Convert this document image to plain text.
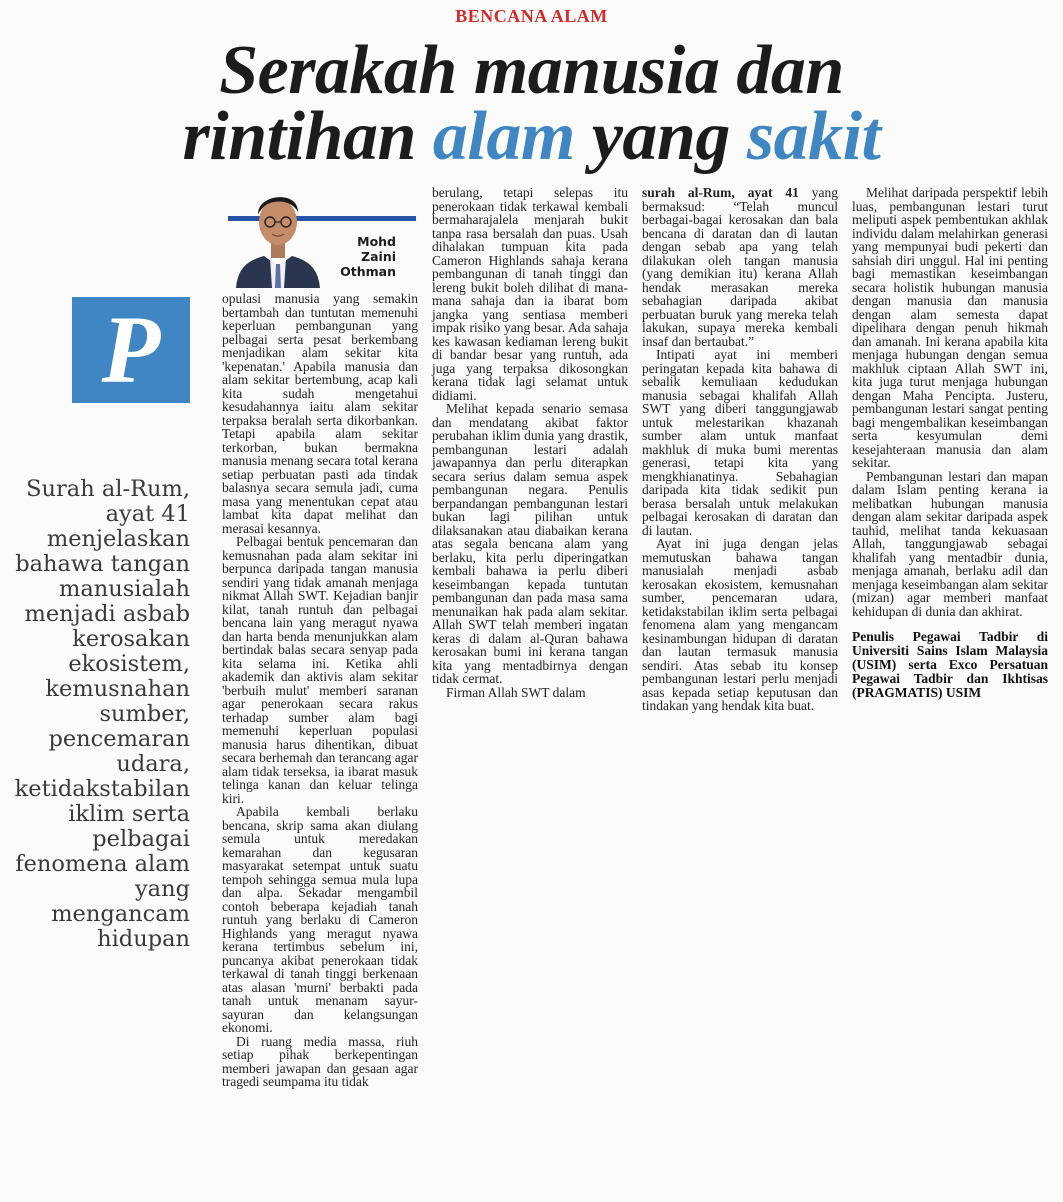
BENCANA ALAM
Serakah manusia dan
rintihan alam yang sakit
Mohd Zaini
Othman
P
Surah al-Rum, ayat 41 menjelaskan bahawa tangan manusialah menjadi asbab kerosakan ekosistem, kemusnahan sumber, pencemaran udara, ketidakstabilan iklim serta pelbagai fenomena alam yang mengancam hidupan

opulasi manusia yang semakin bertambah dan tuntutan memenuhi keperluan pembangunan yang pelbagai serta pesat berkembang menjadikan alam sekitar kita 'kepenatan.' Apabila manusia dan alam sekitar bertembung, acap kali kita sudah mengetahui kesudahannya iaitu alam sekitar terpaksa beralah serta dikorbankan. Tetapi apabila alam sekitar terkorban, bukan bermakna manusia menang secara total kerana setiap perbuatan pasti ada tindak balasnya secara semula jadi, cuma masa yang menentukan cepat atau lambat kita dapat melihat dan merasai kesannya.

Pelbagai bentuk pencemaran dan kemusnahan pada alam sekitar ini berpunca daripada tangan manusia sendiri yang tidak amanah menjaga nikmat Allah SWT. Kejadian banjir kilat, tanah runtuh dan pelbagai bencana lain yang meragut nyawa dan harta benda menunjukkan alam bertindak balas secara senyap pada kita selama ini. Ketika ahli akademik dan aktivis alam sekitar 'berbuih mulut' memberi saranan agar penerokaan secara rakus terhadap sumber alam bagi memenuhi keperluan populasi manusia harus dihentikan, dibuat secara berhemah dan terancang agar alam tidak terseksa, ia ibarat masuk telinga kanan dan keluar telinga kiri.

Apabila kembali berlaku bencana, skrip sama akan diulang semula untuk meredakan kemarahan dan kegusaran masyarakat setempat untuk suatu tempoh sehingga semua mula lupa dan alpa. Sekadar mengambil contoh beberapa kejadiah tanah runtuh yang berlaku di Cameron Highlands yang meragut nyawa kerana tertimbus sebelum ini, puncanya akibat penerokaan tidak terkawal di tanah tinggi berkenaan atas alasan 'murni' berbakti pada tanah untuk menanam sayur-sayuran dan kelangsungan ekonomi.

Di ruang media massa, riuh setiap pihak berkepentingan memberi jawapan dan gesaan agar tragedi seumpama itu tidak

berulang, tetapi selepas itu penerokaan tidak terkawal kembali bermaharajalela menjarah bukit tanpa rasa bersalah dan puas. Usah dihalakan tumpuan kita pada Cameron Highlands sahaja kerana pembangunan di tanah tinggi dan lereng bukit boleh dilihat di mana-mana sahaja dan ia ibarat bom jangka yang sentiasa memberi impak risiko yang besar. Ada sahaja kes kawasan kediaman lereng bukit di bandar besar yang runtuh, ada juga yang terpaksa dikosongkan kerana tidak lagi selamat untuk didiami.

Melihat kepada senario semasa dan mendatang akibat faktor perubahan iklim dunia yang drastik, pembangunan lestari adalah jawapannya dan perlu diterapkan secara serius dalam semua aspek pembangunan negara. Penulis berpandangan pembangunan lestari bukan lagi pilihan untuk dilaksanakan atau diabaikan kerana atas segala bencana alam yang berlaku, kita perlu diperingatkan kembali bahawa ia perlu diberi keseimbangan kepada tuntutan pembangunan dan pada masa sama menunaikan hak pada alam sekitar. Allah SWT telah memberi ingatan keras di dalam al-Quran bahawa kerosakan bumi ini kerana tangan kita yang mentadbirnya dengan tidak cermat.

Firman Allah SWT dalam

surah al-Rum, ayat 41 yang bermaksud: “Telah muncul berbagai-bagai kerosakan dan bala bencana di daratan dan di lautan dengan sebab apa yang telah dilakukan oleh tangan manusia (yang demikian itu) kerana Allah hendak merasakan mereka sebahagian daripada akibat perbuatan buruk yang mereka telah lakukan, supaya mereka kembali insaf dan bertaubat.”

Intipati ayat ini memberi peringatan kepada kita bahawa di sebalik kemuliaan kedudukan manusia sebagai khalifah Allah SWT yang diberi tanggungjawab untuk melestarikan khazanah sumber alam untuk manfaat makhluk di muka bumi merentas generasi, tetapi kita yang mengkhianatinya. Sebahagian daripada kita tidak sedikit pun berasa bersalah untuk melakukan pelbagai kerosakan di daratan dan di lautan.

Ayat ini juga dengan jelas memutuskan bahawa tangan manusialah menjadi asbab kerosakan ekosistem, kemusnahan sumber, pencemaran udara, ketidakstabilan iklim serta pelbagai fenomena alam yang mengancam kesinambungan hidupan di daratan dan lautan termasuk manusia sendiri. Atas sebab itu konsep pembangunan lestari perlu menjadi asas kepada setiap keputusan dan tindakan yang hendak kita buat.

Melihat daripada perspektif lebih luas, pembangunan lestari turut meliputi aspek pembentukan akhlak individu dalam melahirkan generasi yang mempunyai budi pekerti dan sahsiah diri unggul. Hal ini penting bagi memastikan keseimbangan secara holistik hubungan manusia dengan manusia dan manusia dengan alam semesta dapat dipelihara dengan penuh hikmah dan amanah. Ini kerana apabila kita menjaga hubungan dengan semua makhluk ciptaan Allah SWT ini, kita juga turut menjaga hubungan dengan Maha Pencipta. Justeru, pembangunan lestari sangat penting bagi mengembalikan keseimbangan serta kesyumulan demi kesejahteraan manusia dan alam sekitar.

Pembangunan lestari dan mapan dalam Islam penting kerana ia melibatkan hubungan manusia dengan alam sekitar daripada aspek tauhid, melihat tanda kekuasaan Allah, tanggungjawab sebagai khalifah yang mentadbir dunia, menjaga amanah, berlaku adil dan menjaga keseimbangan alam sekitar (mizan) agar memberi manfaat kehidupan di dunia dan akhirat.

Penulis Pegawai Tadbir di Universiti Sains Islam Malaysia (USIM) serta Exco Persatuan Pegawai Tadbir dan Ikhtisas (PRAGMATIS) USIM
